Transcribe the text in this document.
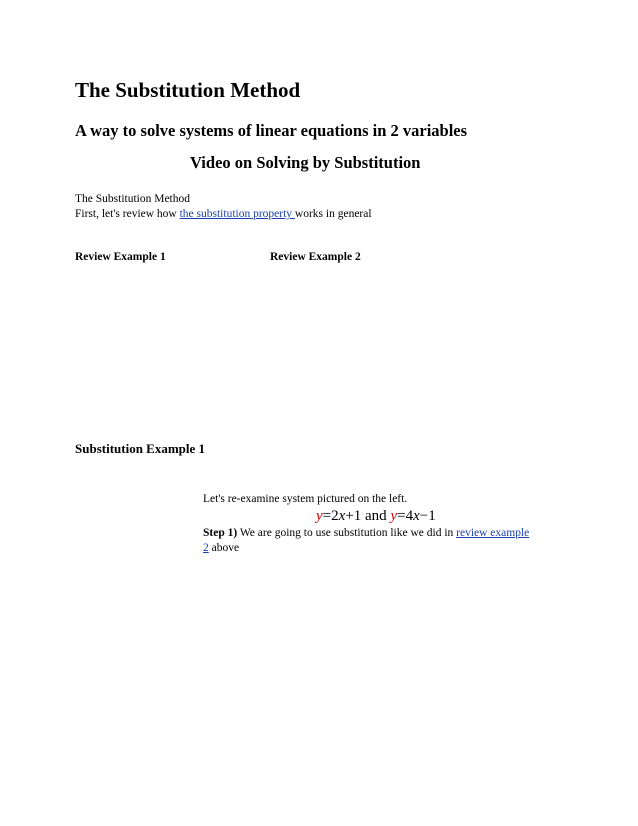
The Substitution Method
A way to solve systems of linear equations in 2 variables
Video on Solving by Substitution
The Substitution Method
First, let's review how the substitution property works in general
Review Example 1	Review Example 2
Substitution Example 1
Let's re-examine system pictured on the left.
y=2x+1 and y=4x−1
Step 1) We are going to use substitution like we did in review example
2 above
